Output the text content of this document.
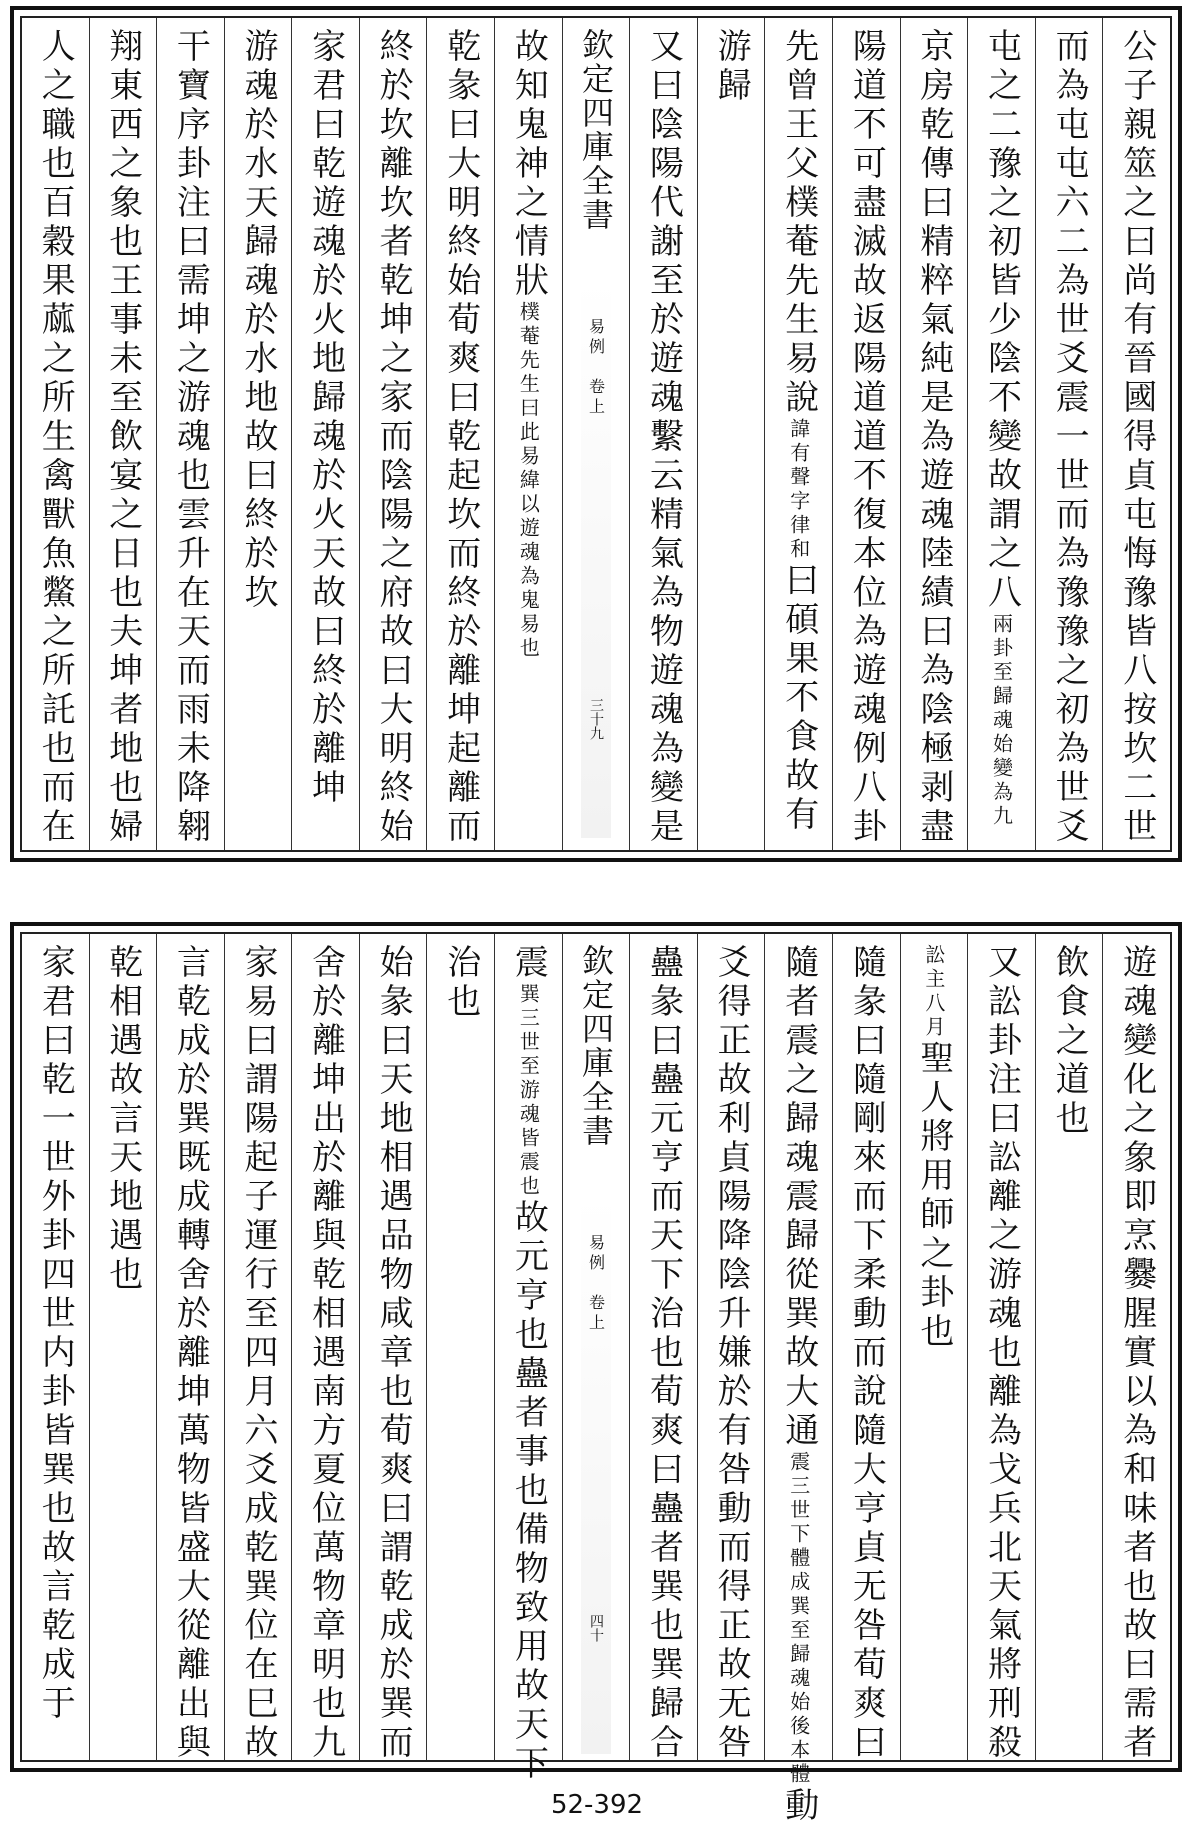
公子親筮之曰尚有晉國得貞屯悔豫皆八按坎二世
而為屯屯六二為世爻震一世而為豫豫之初為世爻
屯之二豫之初皆少陰不變故謂之八兩卦至歸魂始變為九
京房乾傳曰精粹氣純是為遊魂陸績曰為陰極剥盡
陽道不可盡滅故返陽道道不復本位為遊魂例八卦
先曾王父樸菴先生易說諱有聲字律和曰碩果不食故有
游歸
又曰陰陽代謝至於遊魂繫云精氣為物遊魂為變是
欽定四庫全書
易例　卷上
三十九
故知鬼神之情狀樸菴先生曰此易緯以遊魂為鬼易也
乾彖曰大明終始荀爽曰乾起坎而終於離坤起離而
終於坎離坎者乾坤之家而陰陽之府故曰大明終始
家君曰乾遊魂於火地歸魂於火天故曰終於離坤
游魂於水天歸魂於水地故曰終於坎
干寶序卦注曰需坤之游魂也雲升在天而雨未降翱
翔東西之象也王事未至飲宴之日也夫坤者地也婦
人之職也百穀果蓏之所生禽獸魚鱉之所託也而在
遊魂變化之象即烹爨腥實以為和味者也故曰需者
飲食之道也
又訟卦注曰訟離之游魂也離為戈兵北天氣將刑殺
訟主八月聖人將用師之卦也
隨彖曰隨剛來而下柔動而說隨大亨貞无咎荀爽曰
隨者震之歸魂震歸從巽故大通震三世下體成巽至歸魂始後本體動
爻得正故利貞陽降陰升嫌於有咎動而得正故无咎
蠱彖曰蠱元亨而天下治也荀爽曰蠱者巽也巽歸合
欽定四庫全書
易例　卷上
四十
震巽三世至游魂皆震也故元亨也蠱者事也備物致用故天下
治也
始彖曰天地相遇品物咸章也荀爽曰謂乾成於巽而
舍於離坤出於離與乾相遇南方夏位萬物章明也九
家易曰謂陽起子運行至四月六爻成乾巽位在巳故
言乾成於巽既成轉舍於離坤萬物皆盛大從離出與
乾相遇故言天地遇也
家君曰乾一世外卦四世内卦皆巽也故言乾成于
52-392
